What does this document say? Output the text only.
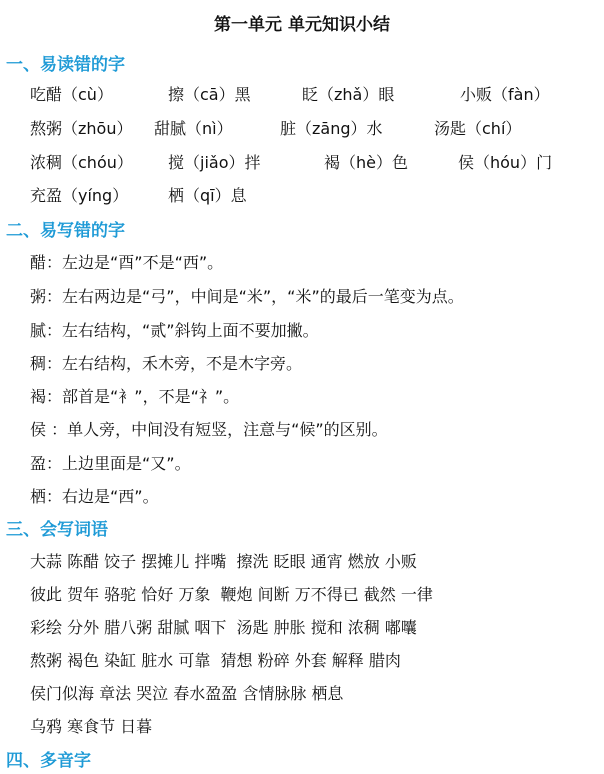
第一单元 单元知识小结
一、易读错的字
吃醋（cù）	擦（cā）黑	眨（zhǎ）眼	小贩（fàn）
熬粥（zhōu） 甜腻（nì）	脏（zāng）水	汤匙（chí）
浓稠（chóu） 搅（jiǎo）拌	褐（hè）色	侯（hóu）门
充盈（yíng） 栖（qī）息
二、易写错的字
醋：左边是“酉”不是“西”。
粥：左右两边是“弓”，中间是“米”，“米”的最后一笔变为点。
腻：左右结构，“贰”斜钩上面不要加撇。
稠：左右结构，禾木旁，不是木字旁。
褐：部首是“衤”，不是“礻”。
侯 ：单人旁，中间没有短竖，注意与“候”的区别。
盈：上边里面是“又”。
栖：右边是“西”。
三、会写词语
大蒜 陈醋 饺子 摆摊儿 拌嘴  擦洗 眨眼 通宵 燃放 小贩
彼此 贺年 骆驼 恰好 万象  鞭炮 间断 万不得已 截然 一律
彩绘 分外 腊八粥 甜腻 咽下  汤匙 肿胀 搅和 浓稠 嘟囔
熬粥 褐色 染缸 脏水 可靠  猜想 粉碎 外套 解释 腊肉
侯门似海 章法 哭泣 春水盈盈 含情脉脉 栖息
乌鸦 寒食节 日暮
四、多音字
